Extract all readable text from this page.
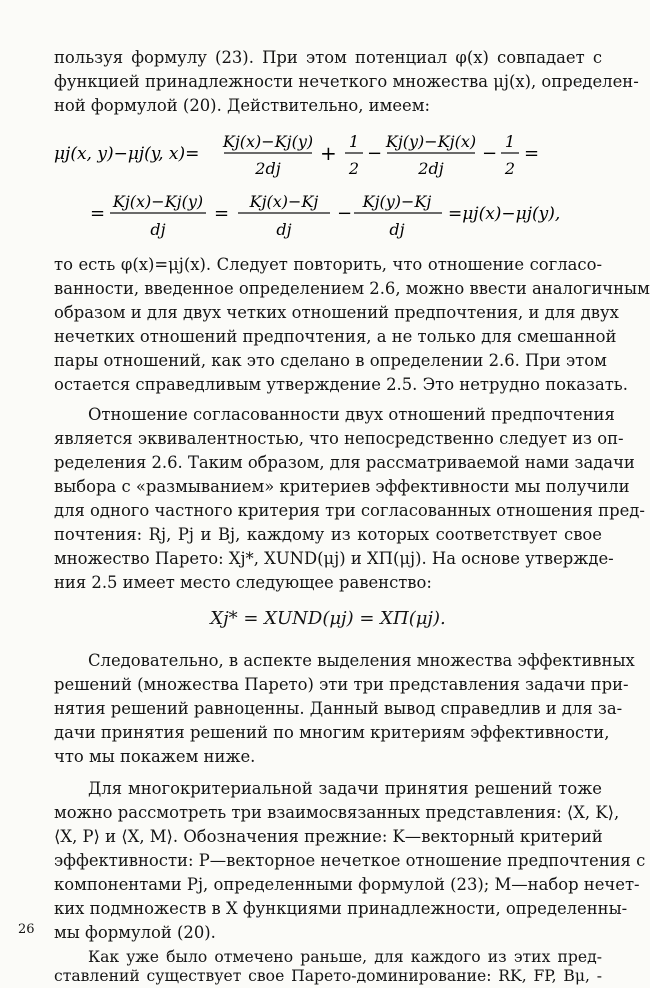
пользуя формулу (23). При этом потенциал φ(x) совпадает с
функцией принадлежности нечеткого множества μj(x), определен-
ной формулой (20). Действительно, имеем:
μj(x, y)−μj(y, x)=
Kj(x)−Kj(y)
2dj
+ 1
2
−
Kj(y)−Kj(x)
2dj
−
1
2
=
=
Kj(x)−Kj(y)
dj
=
Kj(x)−Kj
dj
−
Kj(y)−Kj
dj
=μj(x)−μj(y),
то есть φ(x)=μj(x). Следует повторить, что отношение согласо-
ванности, введенное определением 2.6, можно ввести аналогичным
образом и для двух четких отношений предпочтения, и для двух
нечетких отношений предпочтения, а не только для смешанной
пары отношений, как это сделано в определении 2.6. При этом
остается справедливым утверждение 2.5. Это нетрудно показать.
Отношение согласованности двух отношений предпочтения
является эквивалентностью, что непосредственно следует из оп-
ределения 2.6. Таким образом, для рассматриваемой нами задачи
выбора с «размыванием» критериев эффективности мы получили
для одного частного критерия три согласованных отношения пред-
почтения: Rj, Pj и Bj, каждому из которых соответствует свое
множество Парето: Xj*, XUND(μj) и XП(μj). На основе утвержде-
ния 2.5 имеет место следующее равенство:
Xj* = XUND(μj) = XП(μj).
Следовательно, в аспекте выделения множества эффективных
решений (множества Парето) эти три представления задачи при-
нятия решений равноценны. Данный вывод справедлив и для за-
дачи принятия решений по многим критериям эффективности,
что мы покажем ниже.
Для многокритериальной задачи принятия решений тоже
можно рассмотреть три взаимосвязанных представления: ⟨X, K⟩,
⟨X, P⟩ и ⟨X, M⟩. Обозначения прежние: K—векторный критерий
эффективности: P—векторное нечеткое отношение предпочтения с
компонентами Pj, определенными формулой (23); M—набор нечет-
ких подмножеств в X функциями принадлежности, определенны-
мы формулой (20).
Как уже было отмечено раньше, для каждого из этих пред-
ставлений существует свое Парето-доминирование: RK, FP, Bμ, -
26
